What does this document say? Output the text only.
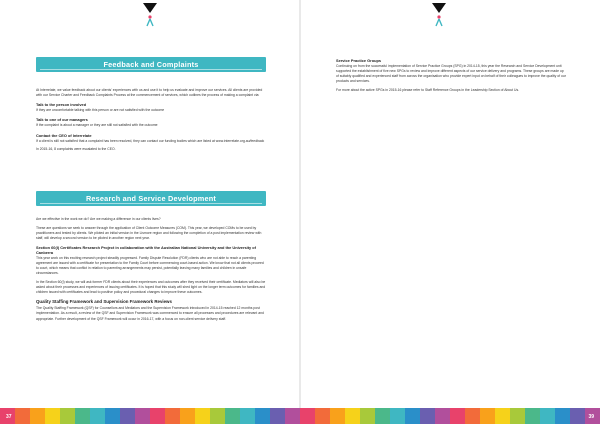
Feedback and Complaints

At Interrelate, we value feedback about our clients' experiences with us and use it to help us evaluate and improve our services. All clients are provided with our Service Charter and Feedback Complaints Process at the commencement of services, which outlines the process of making a complaint via:

Talk to the person involved

If they are uncomfortable talking with this person or are not satisfied with the outcome

Talk to one of our managers

If the complaint is about a manager or they are still not satisfied with the outcome

Contact the CEO of Interrelate

If a client is still not satisfied that a complaint has been resolved, they can contact our funding bodies which are listed at www.interrelate.org.au/feedback

In 2015-16, 8 complaints were escalated to the CEO.

Research and Service Development

Are we effective in the work we do? Are we making a difference in our clients lives?

These are questions we seek to answer through the application of Client Outcome Measures (COM). This year, we developed COMs to be used by practitioners and tested by clients. We piloted an initial version in the Lismore region and following the completion of a post implementation review with staff, will develop a second version to be piloted in another region next year.

Section 60(I) Certificates Research Project in collaboration with the Australian National University and the University of Canberra

This year work on this exciting research project steadily progressed. Family Dispute Resolution (FDR) clients who are not able to reach a parenting agreement are issued with a certificate for presentation to the Family Court before commencing court-based action. We know that not all clients proceed to court, which means that conflict in relation to parenting arrangements may persist, potentially leaving many families and children in unsafe circumstances.

In the Section 60(I) study, we will ask former FDR clients about their experiences and outcomes after they received their certificate. Mediators will also be asked about their processes and experiences of issuing certificates. It is hoped that this study will shed light on the longer term outcomes for families and children issued with certificates and lead to positive policy and procedural changes to improve these outcomes.

Quality Staffing Framework and Supervision Framework Reviews

The Quality Staffing Framework (QSF) for Counsellors and Mediators and the Supervision Framework introduced in 2014-15 reached 12 months post implementation. As a result, a review of the QSF and Supervision Framework was commenced to ensure all processes and procedures are relevant and appropriate. Further development of the QSF Framework will occur in 2016-17, with a focus on non-client service delivery staff.

Service Practice Groups

Continuing on from the successful implementation of Service Practice Groups (SPG) in 2014-15, this year the Research and Service Development unit supported the establishment of five new SPGs to review and improve different aspects of our service delivery and programs. These groups are made up of suitably qualified and experienced staff from across the organisation who provide expert input on behalf of their colleagues to improve the quality of our products and services.

For more about the active SPGs in 2015-16 please refer to Staff Reference Groups in the Leadership Section of About Us.

37	39
